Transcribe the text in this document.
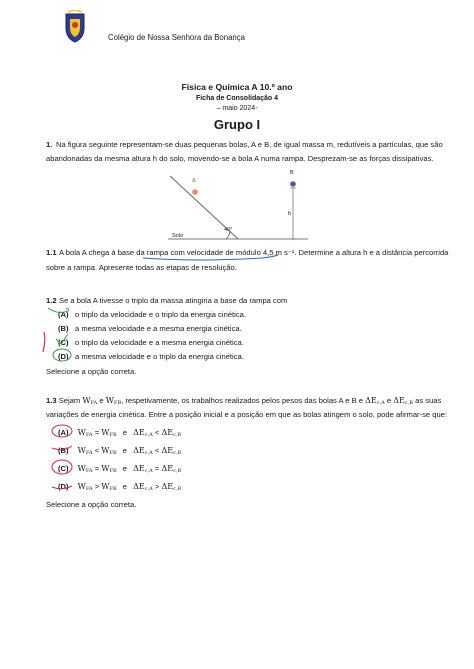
Colégio de Nossa Senhora da Bonança
Física e Química A 10.º ano
Ficha de Consolidação 4
– maio 2024-
Grupo I
1. Na figura seguinte representam-se duas pequenas bolas, A e B, de igual massa m, redutíveis a partículas, que são
abandonadas da mesma altura h do solo, movendo-se a bola A numa rampa. Desprezam-se as forças dissipativas.
A
B
h
40°
Solo
1.1 A bola A chega à base da rampa com velocidade de módulo 4,5 m s⁻¹. Determine a altura h e a distância percorrida
sobre a rampa. Apresente todas as etapas de resolução.
1.2 Se a bola A tivesse o triplo da massa atingiria a base da rampa com
(A) o triplo da velocidade e o triplo da energia cinética.
(B) a mesma velocidade e a mesma energia cinética.
(C) o triplo da velocidade e a mesma energia cinética.
(D) a mesma velocidade e o triplo da energia cinética.
Selecione a opção correta.
1.3 Sejam $W_{FA}$ e $W_{FB}$, respetivamente, os trabalhos realizados pelos pesos das bolas A e B e $\Delta E_{c,A}$ e $\Delta E_{c,B}$ as suas
variações de energia cinética. Entre a posição inicial e a posição em que as bolas atingem o solo, pode afirmar-se que:
(A) $W_{FA} = W_{FB}$ e $\Delta E_{c,A} < \Delta E_{c,B}$
(B) $W_{FA} < W_{FB}$ e $\Delta E_{c,A} < \Delta E_{c,B}$
(C) $W_{FA} = W_{FB}$ e $\Delta E_{c,A} = \Delta E_{c,B}$
(D) $W_{FA} > W_{FB}$ e $\Delta E_{c,A} > \Delta E_{c,B}$
Selecione a opção correta.
